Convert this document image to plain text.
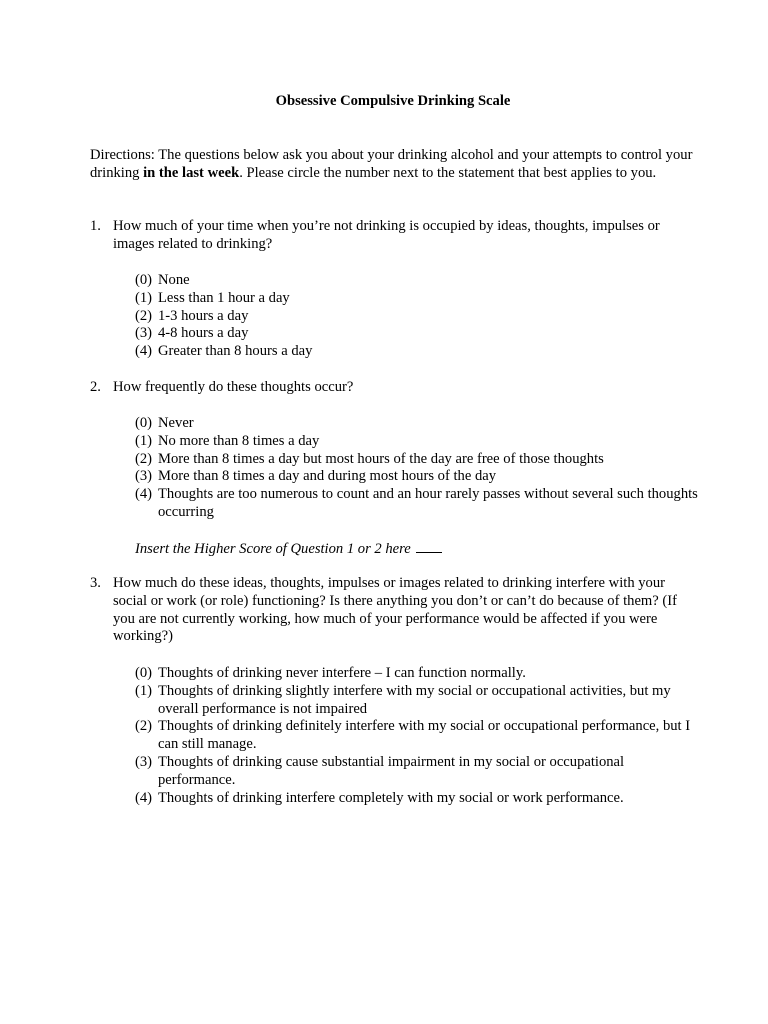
Obsessive Compulsive Drinking Scale
Directions: The questions below ask you about your drinking alcohol and your attempts to control your drinking in the last week. Please circle the number next to the statement that best applies to you.
1. How much of your time when you’re not drinking is occupied by ideas, thoughts, impulses or images related to drinking?
(0) None
(1) Less than 1 hour a day
(2) 1-3 hours a day
(3) 4-8 hours a day
(4) Greater than 8 hours a day
2. How frequently do these thoughts occur?
(0) Never
(1) No more than 8 times a day
(2) More than 8 times a day but most hours of the day are free of those thoughts
(3) More than 8 times a day and during most hours of the day
(4) Thoughts are too numerous to count and an hour rarely passes without several such thoughts occurring
Insert the Higher Score of Question 1 or 2 here
3. How much do these ideas, thoughts, impulses or images related to drinking interfere with your social or work (or role) functioning? Is there anything you don’t or can’t do because of them? (If you are not currently working, how much of your performance would be affected if you were working?)
(0) Thoughts of drinking never interfere – I can function normally.
(1) Thoughts of drinking slightly interfere with my social or occupational activities, but my overall performance is not impaired
(2) Thoughts of drinking definitely interfere with my social or occupational performance, but I can still manage.
(3) Thoughts of drinking cause substantial impairment in my social or occupational performance.
(4) Thoughts of drinking interfere completely with my social or work performance.
